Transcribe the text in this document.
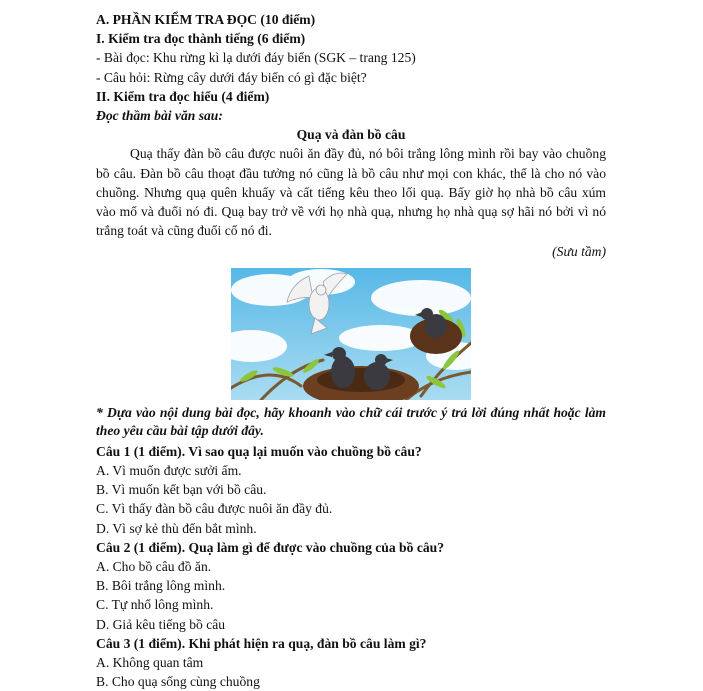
A. PHẦN KIỂM TRA ĐỌC (10 điểm)
I. Kiểm tra đọc thành tiếng (6 điểm)
- Bài đọc: Khu rừng kì lạ dưới đáy biển (SGK – trang 125)
- Câu hỏi: Rừng cây dưới đáy biển có gì đặc biệt?
II. Kiểm tra đọc hiểu (4 điểm)
Đọc thầm bài văn sau:
Quạ và đàn bồ câu

Quạ thấy đàn bồ câu được nuôi ăn đầy đủ, nó bôi trắng lông mình rồi bay vào chuồng bồ câu. Đàn bồ câu thoạt đầu tưởng nó cũng là bồ câu như mọi con khác, thế là cho nó vào chuồng. Nhưng quạ quên khuấy và cất tiếng kêu theo lối quạ. Bấy giờ họ nhà bồ câu xúm vào mổ và đuổi nó đi. Quạ bay trở về với họ nhà quạ, nhưng họ nhà quạ sợ hãi nó bởi vì nó trắng toát và cũng đuổi cổ nó đi.

(Sưu tầm)

* Dựa vào nội dung bài đọc, hãy khoanh vào chữ cái trước ý trả lời đúng nhất hoặc làm theo yêu cầu bài tập dưới đây.

Câu 1 (1 điểm). Vì sao quạ lại muốn vào chuồng bồ câu?
A. Vì muốn được sưởi ấm.
B. Vì muốn kết bạn với bồ câu.
C. Vì thấy đàn bồ câu được nuôi ăn đầy đủ.
D. Vì sợ kẻ thù đến bắt mình.
Câu 2 (1 điểm). Quạ làm gì để được vào chuồng của bồ câu?
A. Cho bồ câu đồ ăn.
B. Bôi trắng lông mình.
C. Tự nhổ lông mình.
D. Giả kêu tiếng bồ câu
Câu 3 (1 điểm). Khi phát hiện ra quạ, đàn bồ câu làm gì?
A. Không quan tâm
B. Cho quạ sống cùng chuồng
